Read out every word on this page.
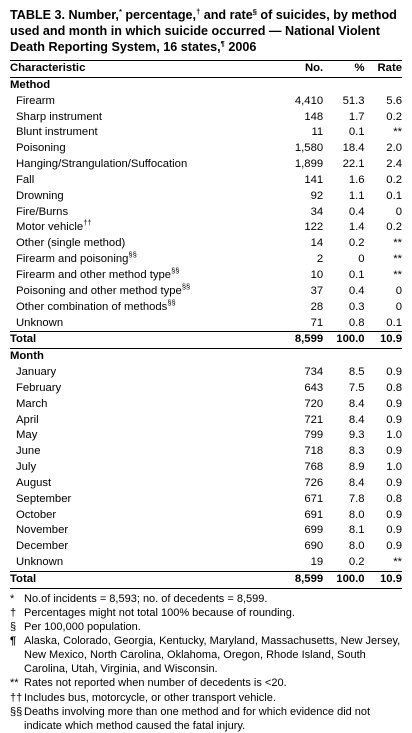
TABLE 3. Number,* percentage,† and rate§ of suicides, by method used and month in which suicide occurred — National Violent Death Reporting System, 16 states,¶ 2006
Characteristic	No.	%	Rate
Method			
Firearm	4,410	51.3	5.6
Sharp instrument	148	1.7	0.2
Blunt instrument	11	0.1	**
Poisoning	1,580	18.4	2.0
Hanging/Strangulation/Suffocation	1,899	22.1	2.4
Fall	141	1.6	0.2
Drowning	92	1.1	0.1
Fire/Burns	34	0.4	0
Motor vehicle††	122	1.4	0.2
Other (single method)	14	0.2	**
Firearm and poisoning§§	2	0	**
Firearm and other method type§§	10	0.1	**
Poisoning and other method type§§	37	0.4	0
Other combination of methods§§	28	0.3	0
Unknown	71	0.8	0.1
Total	8,599	100.0	10.9
Month			
January	734	8.5	0.9
February	643	7.5	0.8
March	720	8.4	0.9
April	721	8.4	0.9
May	799	9.3	1.0
June	718	8.3	0.9
July	768	8.9	1.0
August	726	8.4	0.9
September	671	7.8	0.8
October	691	8.0	0.9
November	699	8.1	0.9
December	690	8.0	0.9
Unknown	19	0.2	**
Total	8,599	100.0	10.9
* No.of incidents = 8,593; no. of decedents = 8,599.
† Percentages might not total 100% because of rounding.
§ Per 100,000 population.
¶ Alaska, Colorado, Georgia, Kentucky, Maryland, Massachusetts, New Jersey, New Mexico, North Carolina, Oklahoma, Oregon, Rhode Island, South Carolina, Utah, Virginia, and Wisconsin.
** Rates not reported when number of decedents is <20.
†† Includes bus, motorcycle, or other transport vehicle.
§§ Deaths involving more than one method and for which evidence did not indicate which method caused the fatal injury.
